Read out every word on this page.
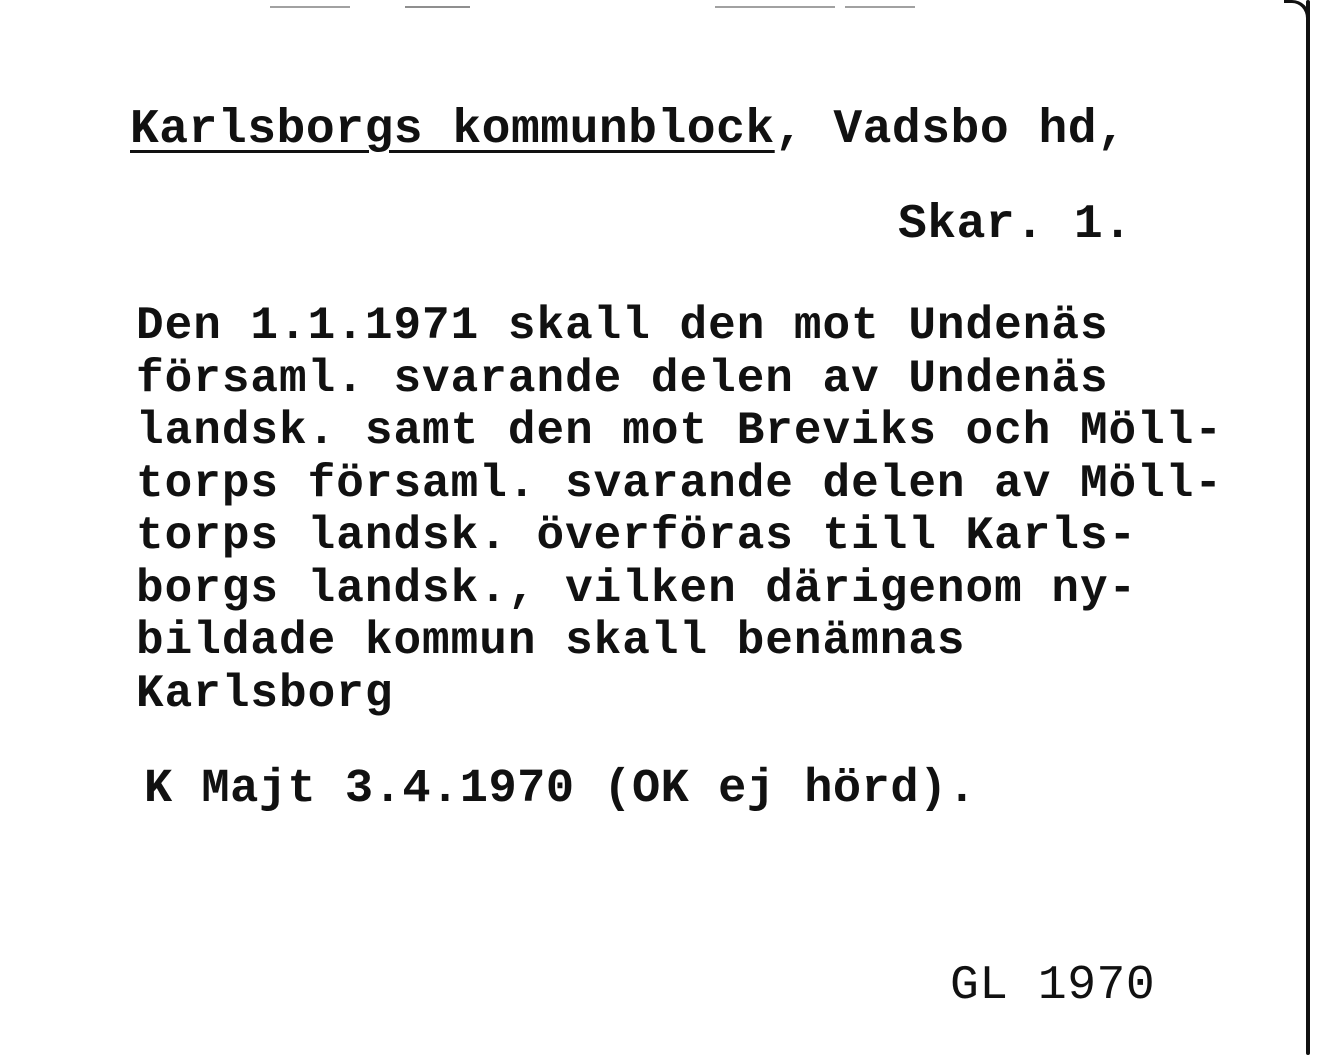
Karlsborgs kommunblock, Vadsbo hd,
Skar. 1.
Den 1.1.1971 skall den mot Undenäs
församl. svarande delen av Undenäs
landsk. samt den mot Breviks och Möll-
torps församl. svarande delen av Möll-
torps landsk. överföras till Karls-
borgs landsk., vilken därigenom ny-
bildade kommun skall benämnas
Karlsborg
K Majt 3.4.1970 (OK ej hörd).
GL 1970
